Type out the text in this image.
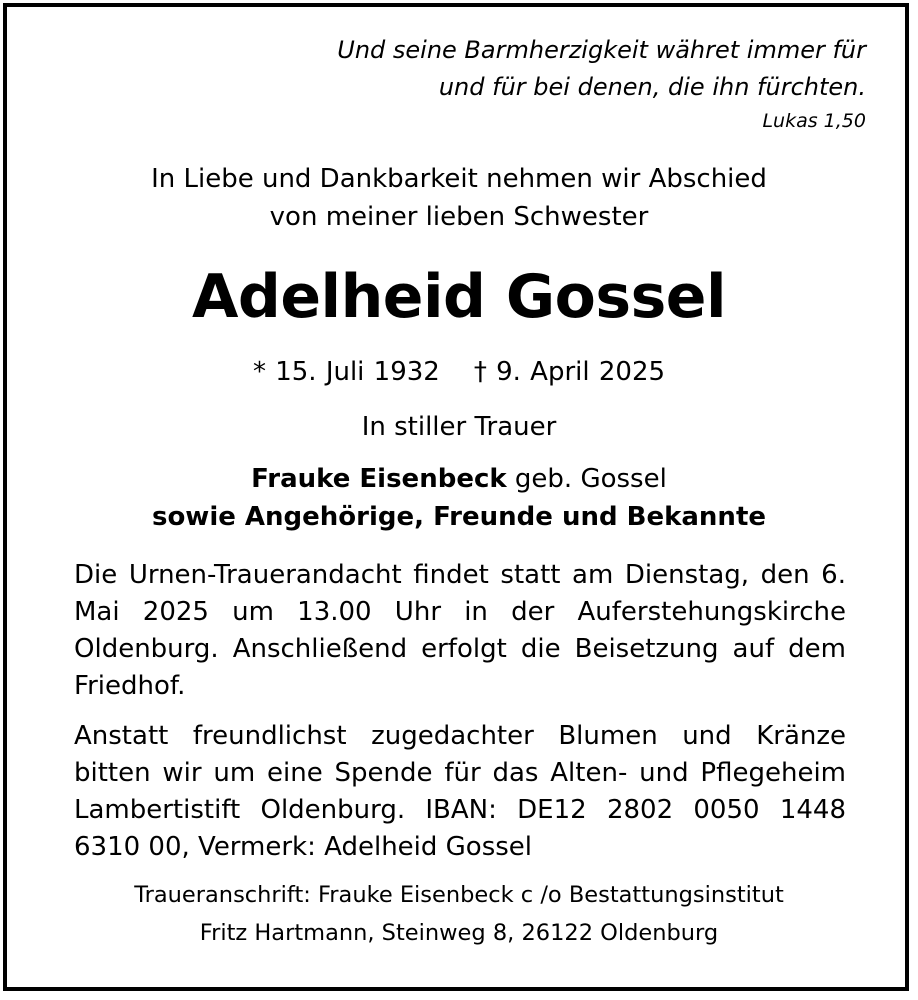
Und seine Barmherzigkeit währet immer für
und für bei denen, die ihn fürchten.
Lukas 1,50
In Liebe und Dankbarkeit nehmen wir Abschied
von meiner lieben Schwester
Adelheid Gossel
* 15. Juli 1932 † 9. April 2025
In stiller Trauer
Frauke Eisenbeck geb. Gossel
sowie Angehörige, Freunde und Bekannte
Die Urnen-Trauerandacht findet statt am Dienstag, den 6. Mai 2025 um 13.00 Uhr in der Auferstehungskirche Oldenburg. Anschließend erfolgt die Beisetzung auf dem Friedhof.
Anstatt freundlichst zugedachter Blumen und Kränze bitten wir um eine Spende für das Alten- und Pflegeheim Lambertistift Oldenburg. IBAN: DE12 2802 0050 1448 6310 00, Vermerk: Adelheid Gossel
Traueranschrift: Frauke Eisenbeck c /o Bestattungsinstitut
Fritz Hartmann, Steinweg 8, 26122 Oldenburg
